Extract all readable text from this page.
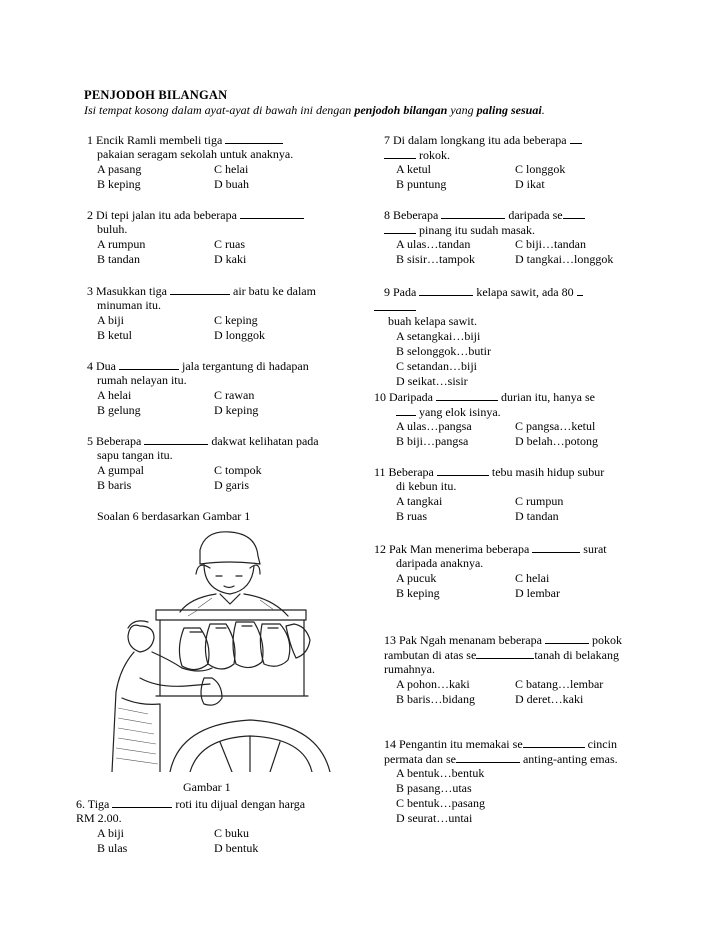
PENJODOH BILANGAN
Isi tempat kosong dalam ayat-ayat di bawah ini dengan penjodoh bilangan yang paling sesuai.
1 Encik Ramli membeli tiga
pakaian seragam sekolah untuk anaknya.
A pasang	C helai
B keping	D buah
2 Di tepi jalan itu ada beberapa
buluh.
A rumpun	C ruas
B tandan	D kaki
3 Masukkan tiga	air batu ke dalam
minuman itu.
A biji	C keping
B ketul	D longgok
4 Dua	jala tergantung di hadapan
rumah nelayan itu.
A helai	C rawan
B gelung	D keping
5 Beberapa	dakwat kelihatan pada
sapu tangan itu.
A gumpal	C tompok
B baris	D garis
Soalan 6 berdasarkan Gambar 1
Gambar 1
6. Tiga	roti itu dijual dengan harga
RM 2.00.
A biji	C buku
B ulas	D bentuk
7 Di dalam longkang itu ada beberapa
rokok.
A ketul	C longgok
B puntung	D ikat
8 Beberapa	daripada se
pinang itu sudah masak.
A ulas…tandan	C biji…tandan
B sisir…tampok	D tangkai…longgok
9 Pada	kelapa sawit, ada 80
buah kelapa sawit.
A setangkai…biji
B selonggok…butir
C setandan…biji
D seikat…sisir
10 Daripada	durian itu, hanya se
yang elok isinya.
A ulas…pangsa	C pangsa…ketul
B biji…pangsa	D belah…potong
11 Beberapa	tebu masih hidup subur
di kebun itu.
A tangkai	C rumpun
B ruas	D tandan
12 Pak Man menerima beberapa	surat
daripada anaknya.
A pucuk	C helai
B keping	D lembar
13 Pak Ngah menanam beberapa	pokok
rambutan di atas se	tanah di belakang
rumahnya.
A pohon…kaki	C batang…lembar
B baris…bidang	D deret…kaki
14 Pengantin itu memakai se	cincin
permata dan se	anting-anting emas.
A bentuk…bentuk
B pasang…utas
C bentuk…pasang
D seurat…untai
